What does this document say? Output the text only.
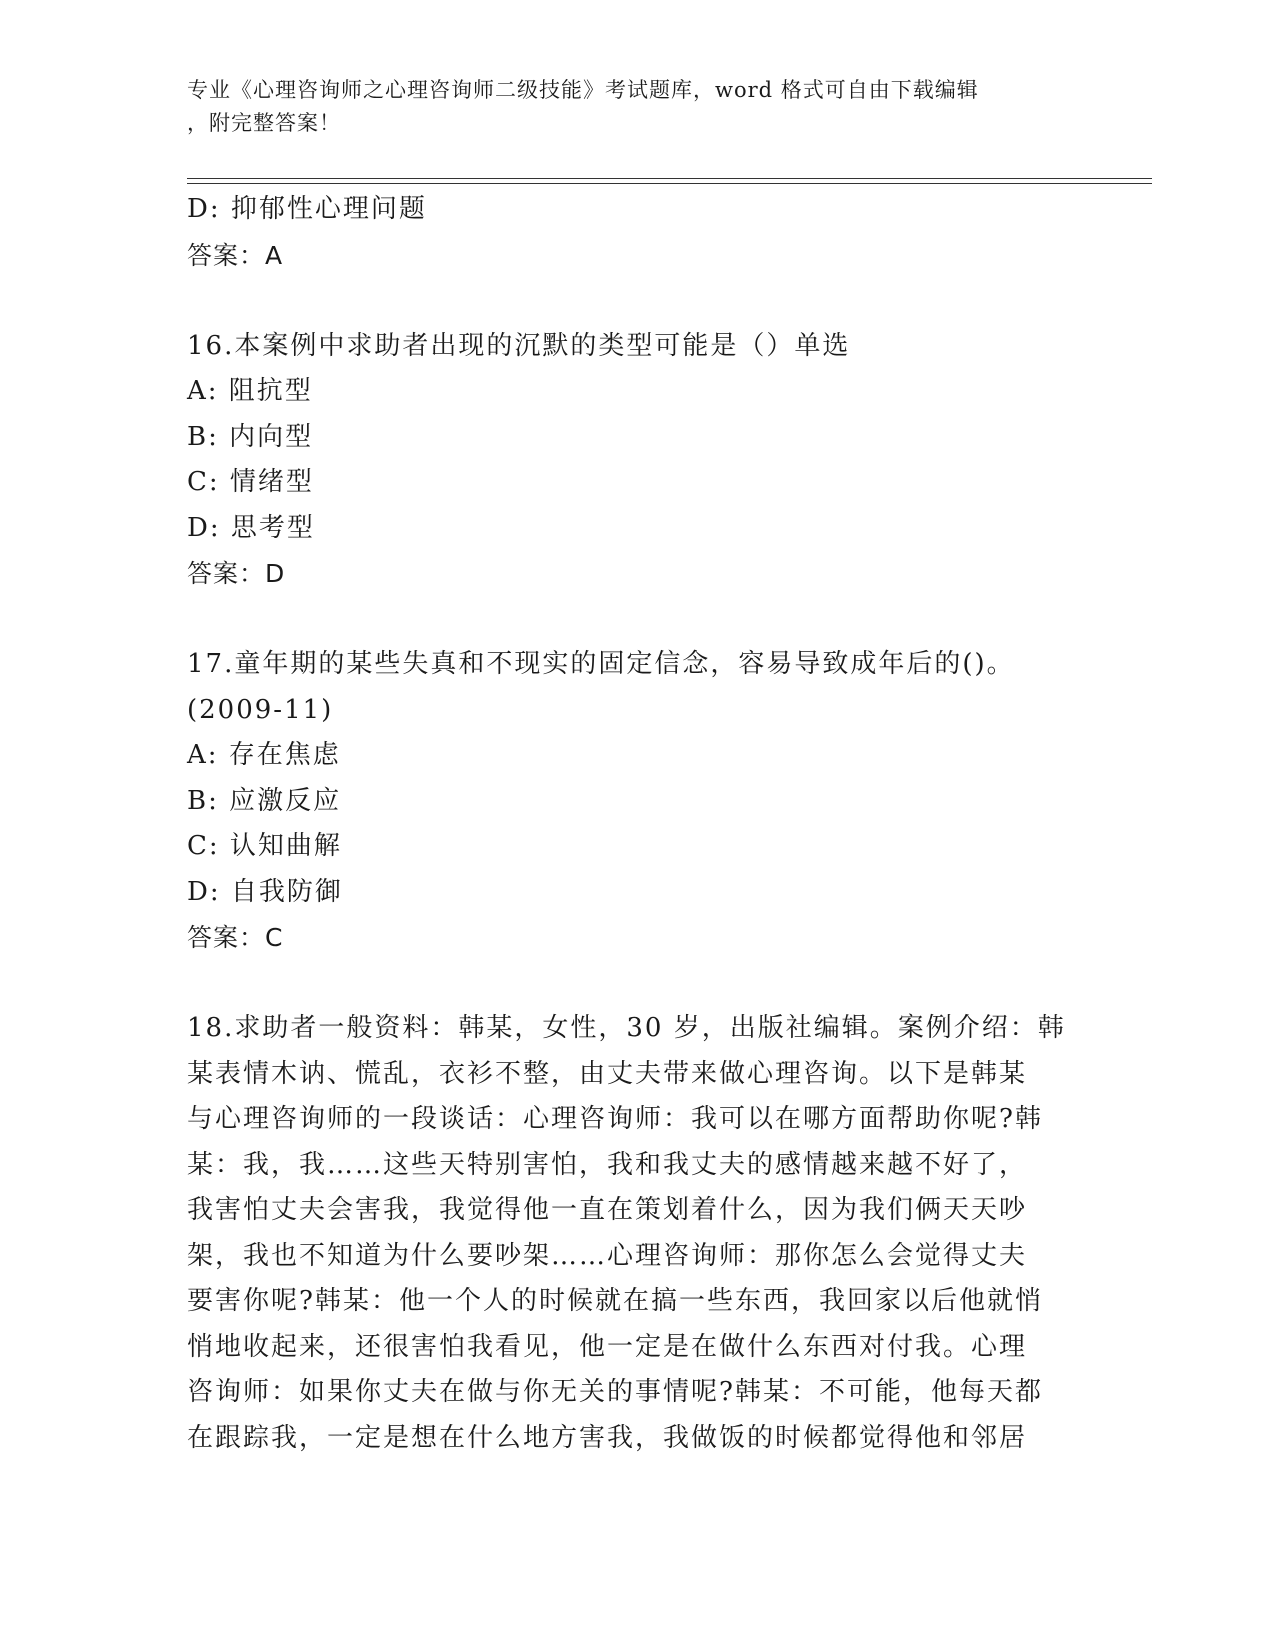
专业《心理咨询师之心理咨询师二级技能》考试题库，word 格式可自由下载编辑
，附完整答案！
D: 抑郁性心理问题
答案：A
16.本案例中求助者出现的沉默的类型可能是（）单选
A: 阻抗型
B: 内向型
C: 情绪型
D: 思考型
答案：D
17.童年期的某些失真和不现实的固定信念，容易导致成年后的()。
(2009-11)
A: 存在焦虑
B: 应激反应
C: 认知曲解
D: 自我防御
答案：C
18.求助者一般资料：韩某，女性，30 岁，出版社编辑。案例介绍：韩
某表情木讷、慌乱，衣衫不整，由丈夫带来做心理咨询。以下是韩某
与心理咨询师的一段谈话：心理咨询师：我可以在哪方面帮助你呢?韩
某：我，我……这些天特别害怕，我和我丈夫的感情越来越不好了，
我害怕丈夫会害我，我觉得他一直在策划着什么，因为我们俩天天吵
架，我也不知道为什么要吵架……心理咨询师：那你怎么会觉得丈夫
要害你呢?韩某：他一个人的时候就在搞一些东西，我回家以后他就悄
悄地收起来，还很害怕我看见，他一定是在做什么东西对付我。心理
咨询师：如果你丈夫在做与你无关的事情呢?韩某：不可能，他每天都
在跟踪我，一定是想在什么地方害我，我做饭的时候都觉得他和邻居
